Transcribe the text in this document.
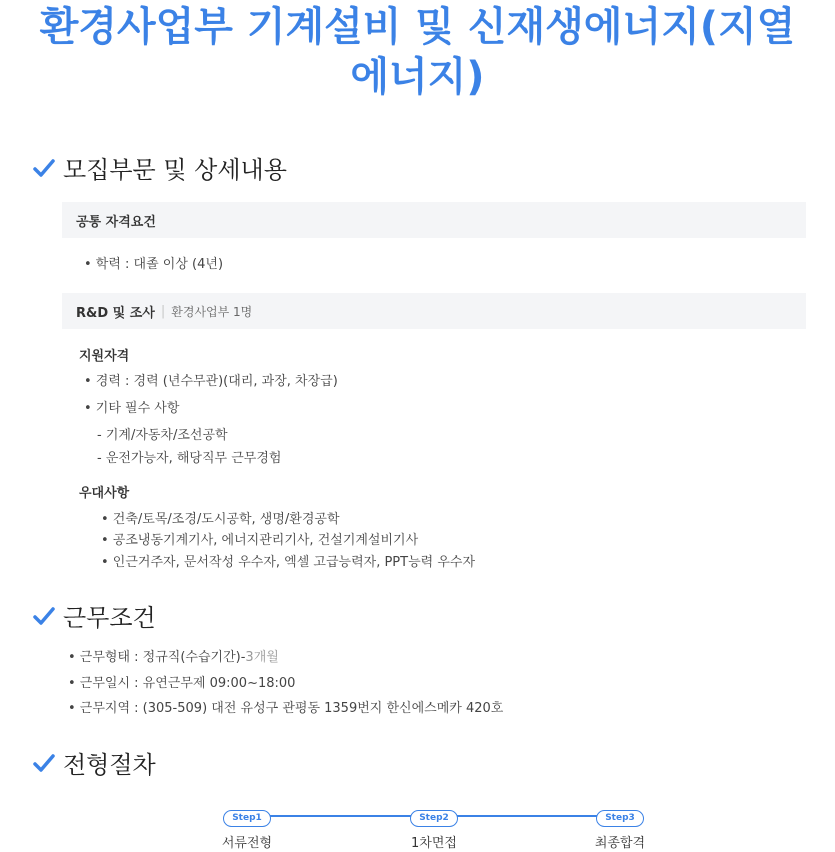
환경사업부 기계설비 및 신재생에너지(지열
에너지)
모집부문 및 상세내용
공통 자격요건
• 학력 : 대졸 이상 (4년)
R&D 및 조사 | 환경사업부 1명
지원자격
• 경력 : 경력 (년수무관)(대리, 과장, 차장급)
• 기타 필수 사항
- 기계/자동차/조선공학
- 운전가능자, 해당직무 근무경험
우대사항
• 건축/토목/조경/도시공학, 생명/환경공학
• 공조냉동기계기사, 에너지관리기사, 건설기계설비기사
• 인근거주자, 문서작성 우수자, 엑셀 고급능력자, PPT능력 우수자
근무조건
• 근무형태 : 정규직(수습기간)-3개월
• 근무일시 : 유연근무제 09:00~18:00
• 근무지역 : (305-509) 대전 유성구 관평동 1359번지 한신에스메카 420호
전형절차
Step1
서류전형
Step2
1차면접
Step3
최종합격
